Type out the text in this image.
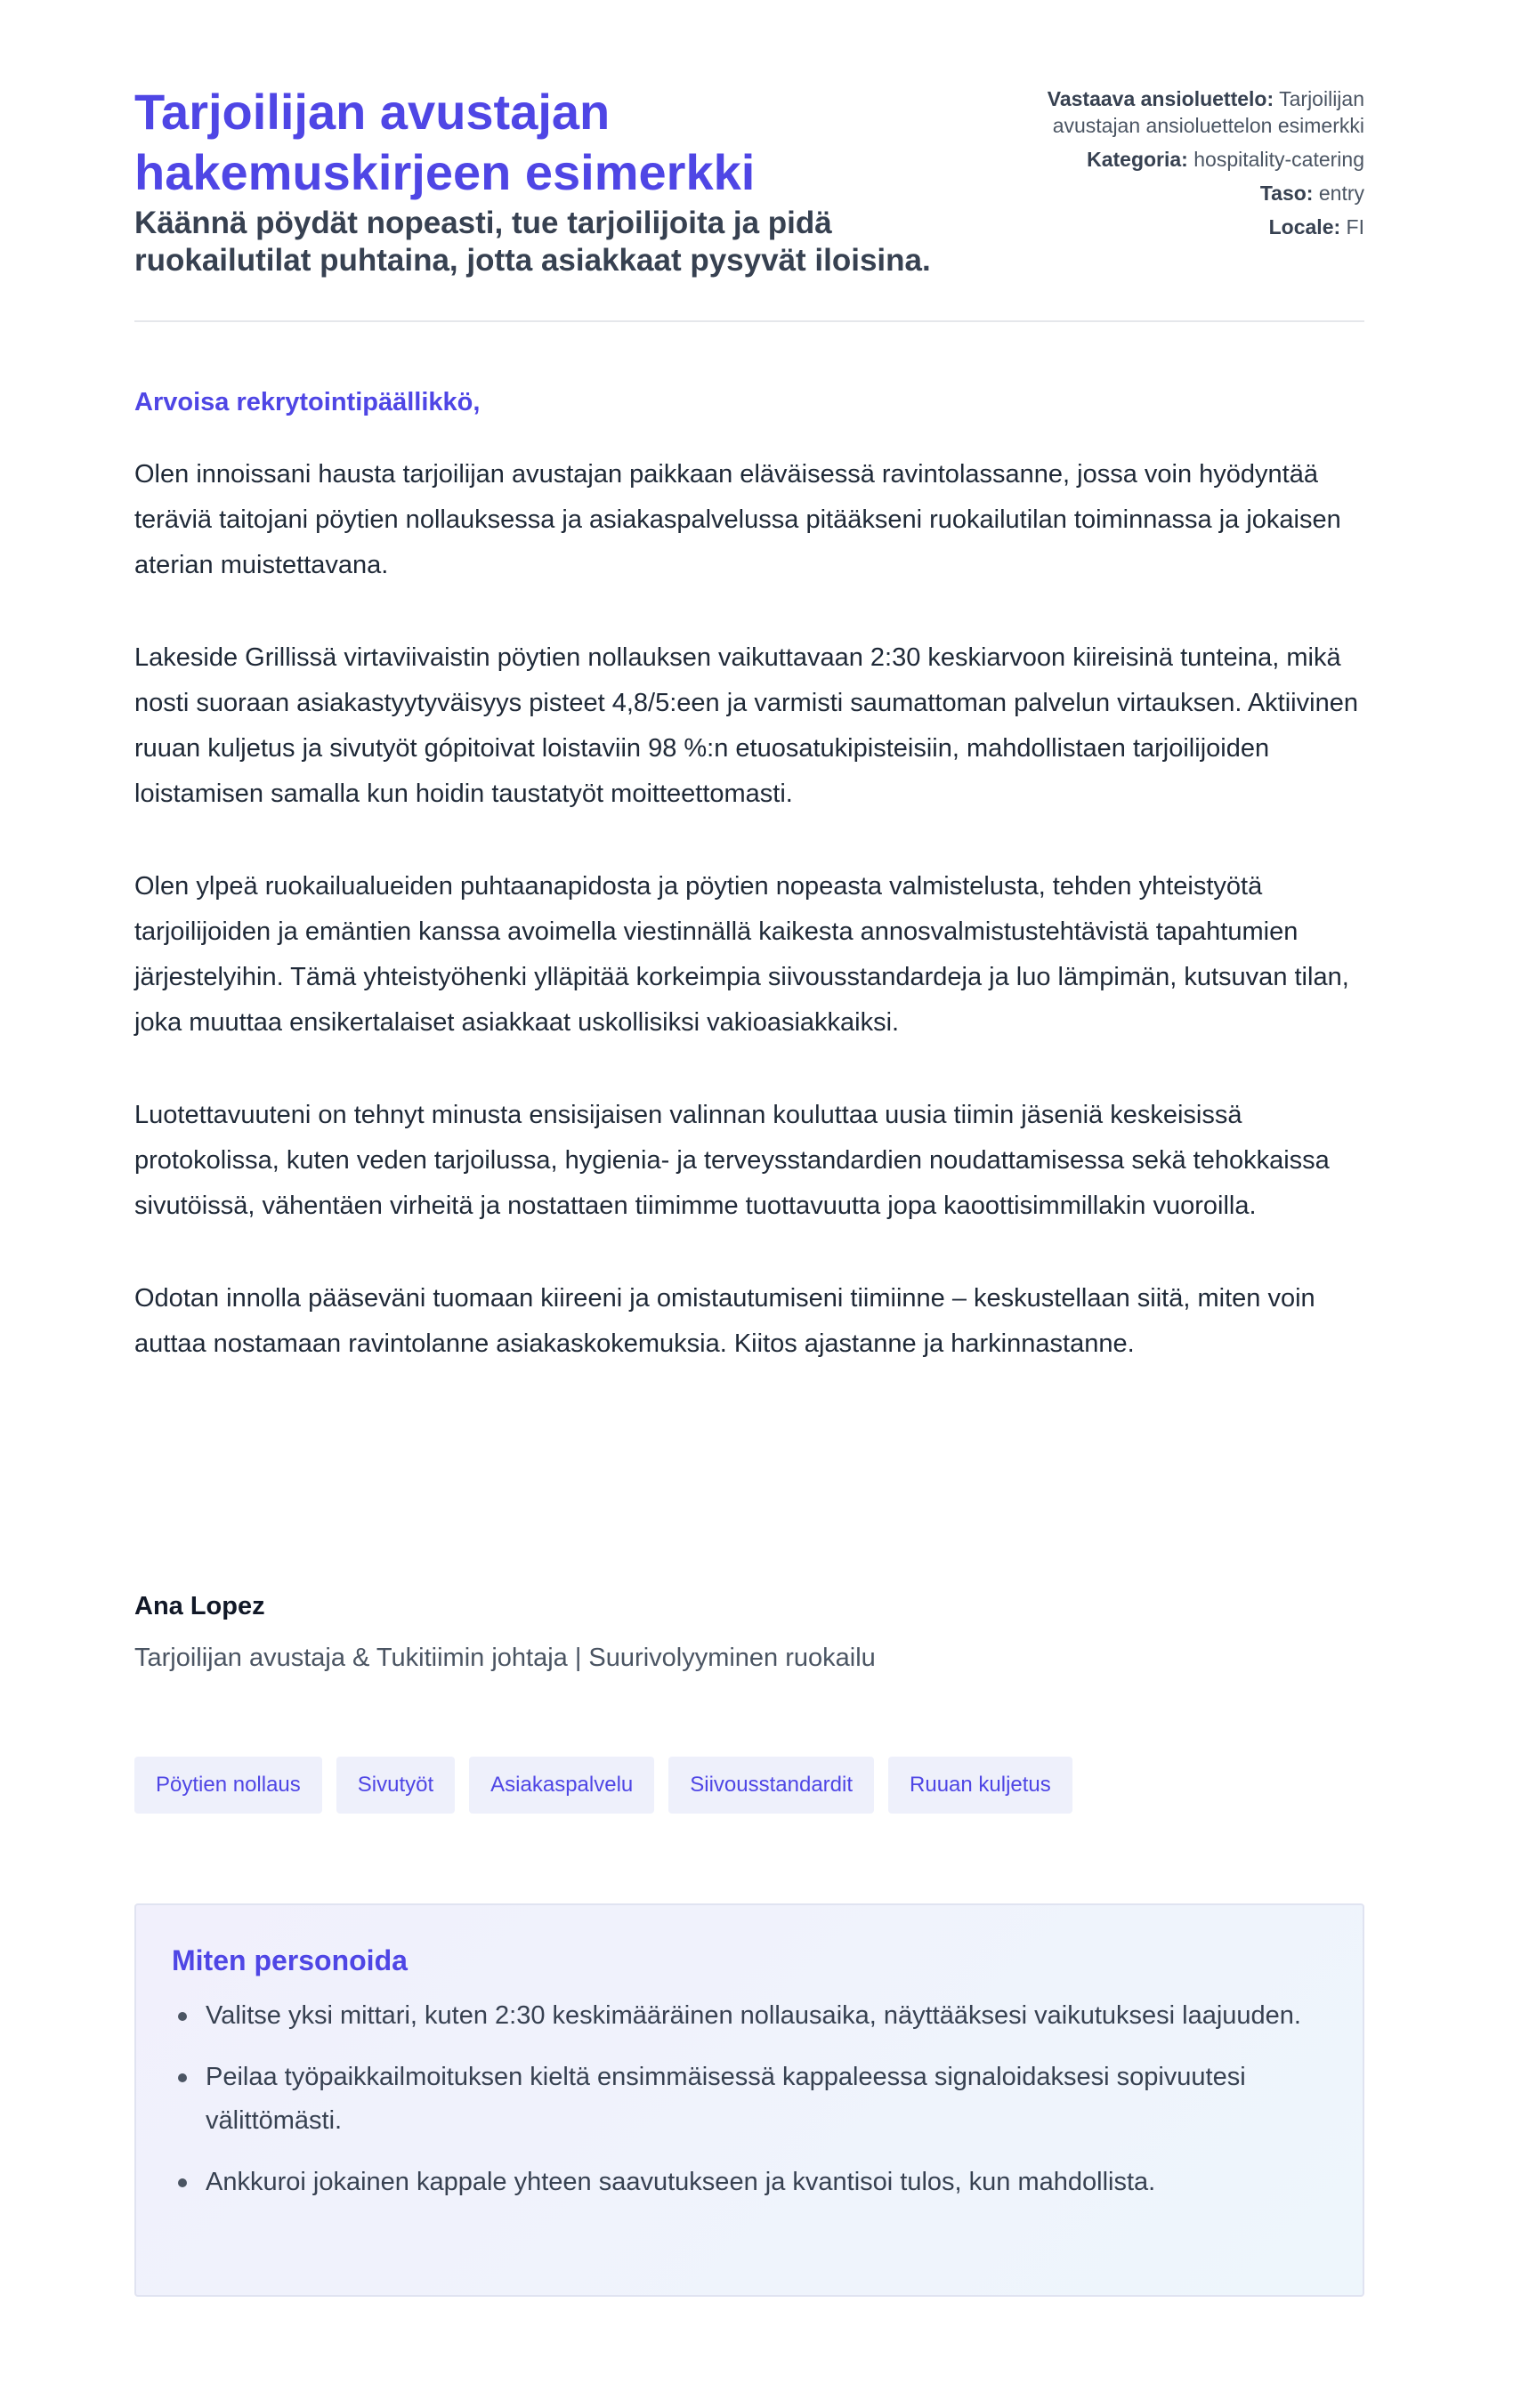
Tarjoilijan avustajan hakemuskirjeen esimerkki
Käännä pöydät nopeasti, tue tarjoilijoita ja pidä ruokailutilat puhtaina, jotta asiakkaat pysyvät iloisina.
Vastaava ansioluettelo: Tarjoilijan avustajan ansioluettelon esimerkki
Kategoria: hospitality-catering
Taso: entry
Locale: FI
Arvoisa rekrytointipäällikkö,

Olen innoissani hausta tarjoilijan avustajan paikkaan eläväisessä ravintolassanne, jossa voin hyödyntää teräviä taitojani pöytien nollauksessa ja asiakaspalvelussa pitääkseni ruokailutilan toiminnassa ja jokaisen aterian muistettavana.

Lakeside Grillissä virtaviivaistin pöytien nollauksen vaikuttavaan 2:30 keskiarvoon kiireisinä tunteina, mikä nosti suoraan asiakastyytyväisyys pisteet 4,8/5:een ja varmisti saumattoman palvelun virtauksen. Aktiivinen ruuan kuljetus ja sivutyöt gópitoivat loistaviin 98 %:n etuosatukipisteisiin, mahdollistaen tarjoilijoiden loistamisen samalla kun hoidin taustatyöt moitteettomasti.

Olen ylpeä ruokailualueiden puhtaanapidosta ja pöytien nopeasta valmistelusta, tehden yhteistyötä tarjoilijoiden ja emäntien kanssa avoimella viestinnällä kaikesta annosvalmistustehtävistä tapahtumien järjestelyihin. Tämä yhteistyöhenki ylläpitää korkeimpia siivousstandardeja ja luo lämpimän, kutsuvan tilan, joka muuttaa ensikertalaiset asiakkaat uskollisiksi vakioasiakkaiksi.

Luotettavuuteni on tehnyt minusta ensisijaisen valinnan kouluttaa uusia tiimin jäseniä keskeisissä protokolissa, kuten veden tarjoilussa, hygienia- ja terveysstandardien noudattamisessa sekä tehokkaissa sivutöissä, vähentäen virheitä ja nostattaen tiimimme tuottavuutta jopa kaoottisimmillakin vuoroilla.

Odotan innolla pääseväni tuomaan kiireeni ja omistautumiseni tiimiinne – keskustellaan siitä, miten voin auttaa nostamaan ravintolanne asiakaskokemuksia. Kiitos ajastanne ja harkinnastanne.

Ana Lopez
Tarjoilijan avustaja & Tukitiimin johtaja | Suurivolyyminen ruokailu
Pöytien nollaus	Sivutyöt	Asiakaspalvelu	Siivousstandardit	Ruuan kuljetus
Miten personoida
Valitse yksi mittari, kuten 2:30 keskimääräinen nollausaika, näyttääksesi vaikutuksesi laajuuden.
Peilaa työpaikkailmoituksen kieltä ensimmäisessä kappaleessa signaloidaksesi sopivuutesi välittömästi.
Ankkuroi jokainen kappale yhteen saavutukseen ja kvantisoi tulos, kun mahdollista.
